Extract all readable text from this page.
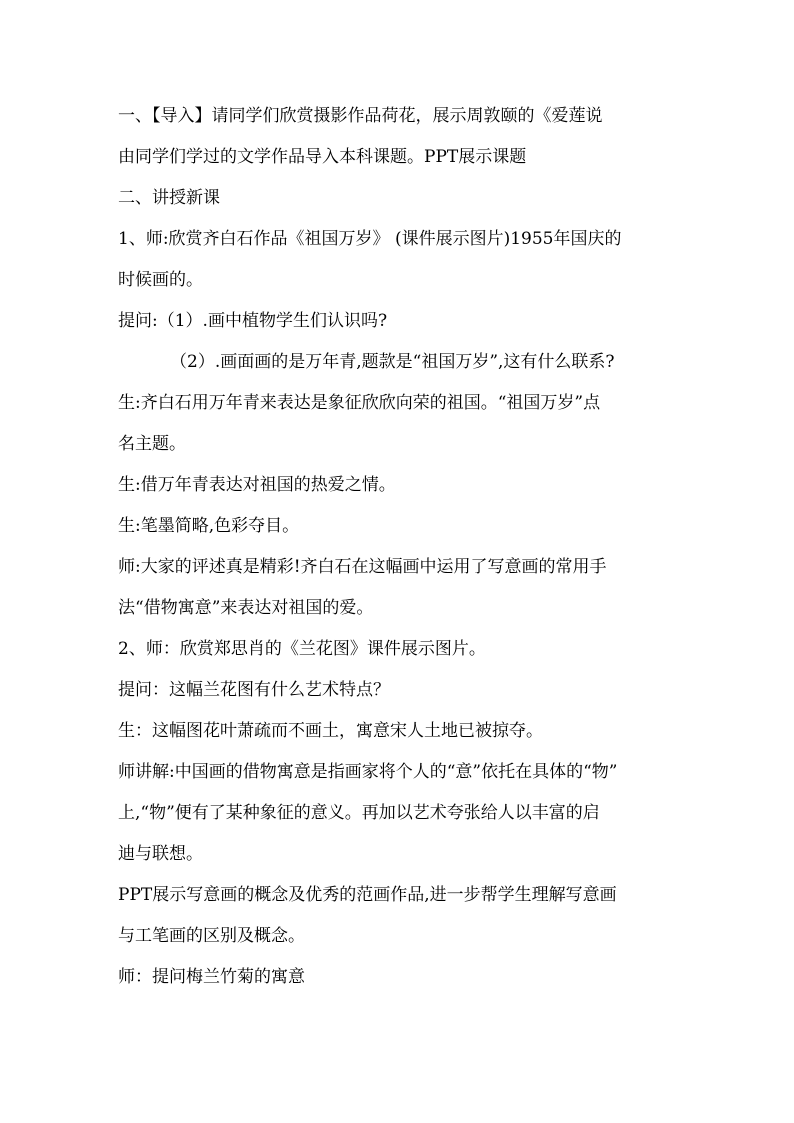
一、【导入】请同学们欣赏摄影作品荷花，展示周敦颐的《爱莲说

由同学们学过的文学作品导入本科课题。PPT展示课题

二、讲授新课

1、师:欣赏齐白石作品《祖国万岁》 (课件展示图片)1955年国庆的

时候画的。

提问:（1）.画中植物学生们认识吗?

（2）.画面画的是万年青,题款是“祖国万岁”,这有什么联系?

生:齐白石用万年青来表达是象征欣欣向荣的祖国。“祖国万岁”点

名主题。

生:借万年青表达对祖国的热爱之情。

生:笔墨简略,色彩夺目。

师:大家的评述真是精彩!齐白石在这幅画中运用了写意画的常用手

法“借物寓意”来表达对祖国的爱。

2、师：欣赏郑思肖的《兰花图》课件展示图片。

提问：这幅兰花图有什么艺术特点？

生：这幅图花叶萧疏而不画土，寓意宋人土地已被掠夺。

师讲解:中国画的借物寓意是指画家将个人的“意”依托在具体的“物”

上,“物”便有了某种象征的意义。再加以艺术夸张给人以丰富的启

迪与联想。

PPT展示写意画的概念及优秀的范画作品,进一步帮学生理解写意画

与工笔画的区别及概念。

师：提问梅兰竹菊的寓意
